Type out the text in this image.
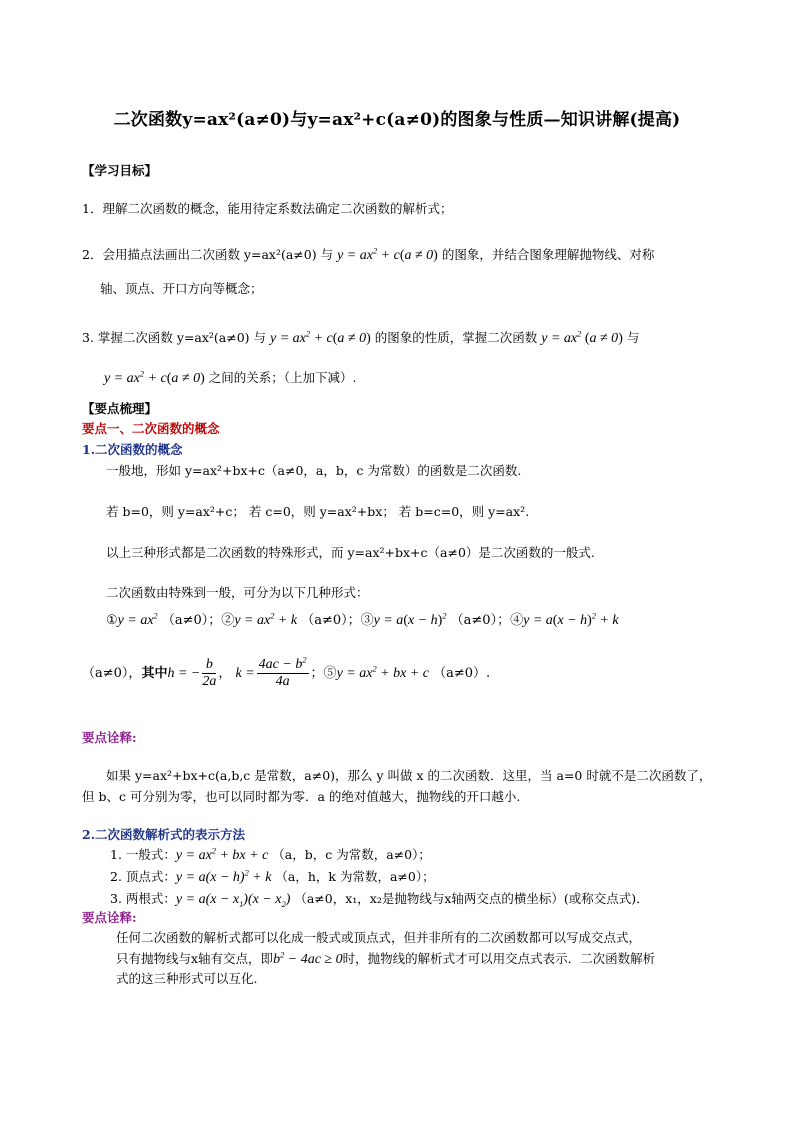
二次函数y=ax²(a≠0)与y=ax²+c(a≠0)的图象与性质—知识讲解(提高)
【学习目标】
1．理解二次函数的概念，能用待定系数法确定二次函数的解析式；
2．会用描点法画出二次函数 y=ax²(a≠0) 与 $y = ax^2 + c(a \ne 0)$ 的图象，并结合图象理解抛物线、对称
轴、顶点、开口方向等概念；
3. 掌握二次函数 y=ax²(a≠0) 与 $y = ax^2 + c(a \ne 0)$ 的图象的性质，掌握二次函数 $y = ax^2$ (a ≠ 0) 与
$y = ax^2 + c(a \ne 0)$ 之间的关系；（上加下减）.
【要点梳理】
要点一、二次函数的概念
1.二次函数的概念
一般地，形如 y=ax²+bx+c（a≠0，a，b，c 为常数）的函数是二次函数.
若 b=0，则 y=ax²+c； 若 c=0，则 y=ax²+bx； 若 b=c=0，则 y=ax².
以上三种形式都是二次函数的特殊形式，而 y=ax²+bx+c（a≠0）是二次函数的一般式.
二次函数由特殊到一般，可分为以下几种形式：
①y = $ax^2$ （a≠0）；②y = $ax^2 + k$ （a≠0）；③y = $a(x - h)^2$ （a≠0）；④y = $a(x - h)^2 + k$
（a≠0），其中h = − $\frac{b}{2a}$ ， $k = \frac{4ac - b^2}{4a}$ ；⑤y = $ax^2$ + bx + c （a≠0）.
要点诠释:
如果 y=ax²+bx+c(a,b,c 是常数，a≠0)，那么 y 叫做 x 的二次函数．这里，当 a=0 时就不是二次函数了，
但 b、c 可分别为零，也可以同时都为零．a 的绝对值越大，抛物线的开口越小.
2.二次函数解析式的表示方法
1. 一般式：$y = ax^2$ + bx + c （a，b，c 为常数，a≠0）；
2. 顶点式：$y = a(x - h)^2 + k$ （a，h，k 为常数，a≠0）；
3. 两根式：$y = a(x - x_1)(x - x_2)$ （a≠0，x₁，x₂是抛物线与x轴两交点的横坐标）(或称交点式)．
要点诠释:
任何二次函数的解析式都可以化成一般式或顶点式，但并非所有的二次函数都可以写成交点式，
只有抛物线与x轴有交点，即$b^2 - 4ac \ge 0$时，抛物线的解析式才可以用交点式表示．二次函数解析
式的这三种形式可以互化.
